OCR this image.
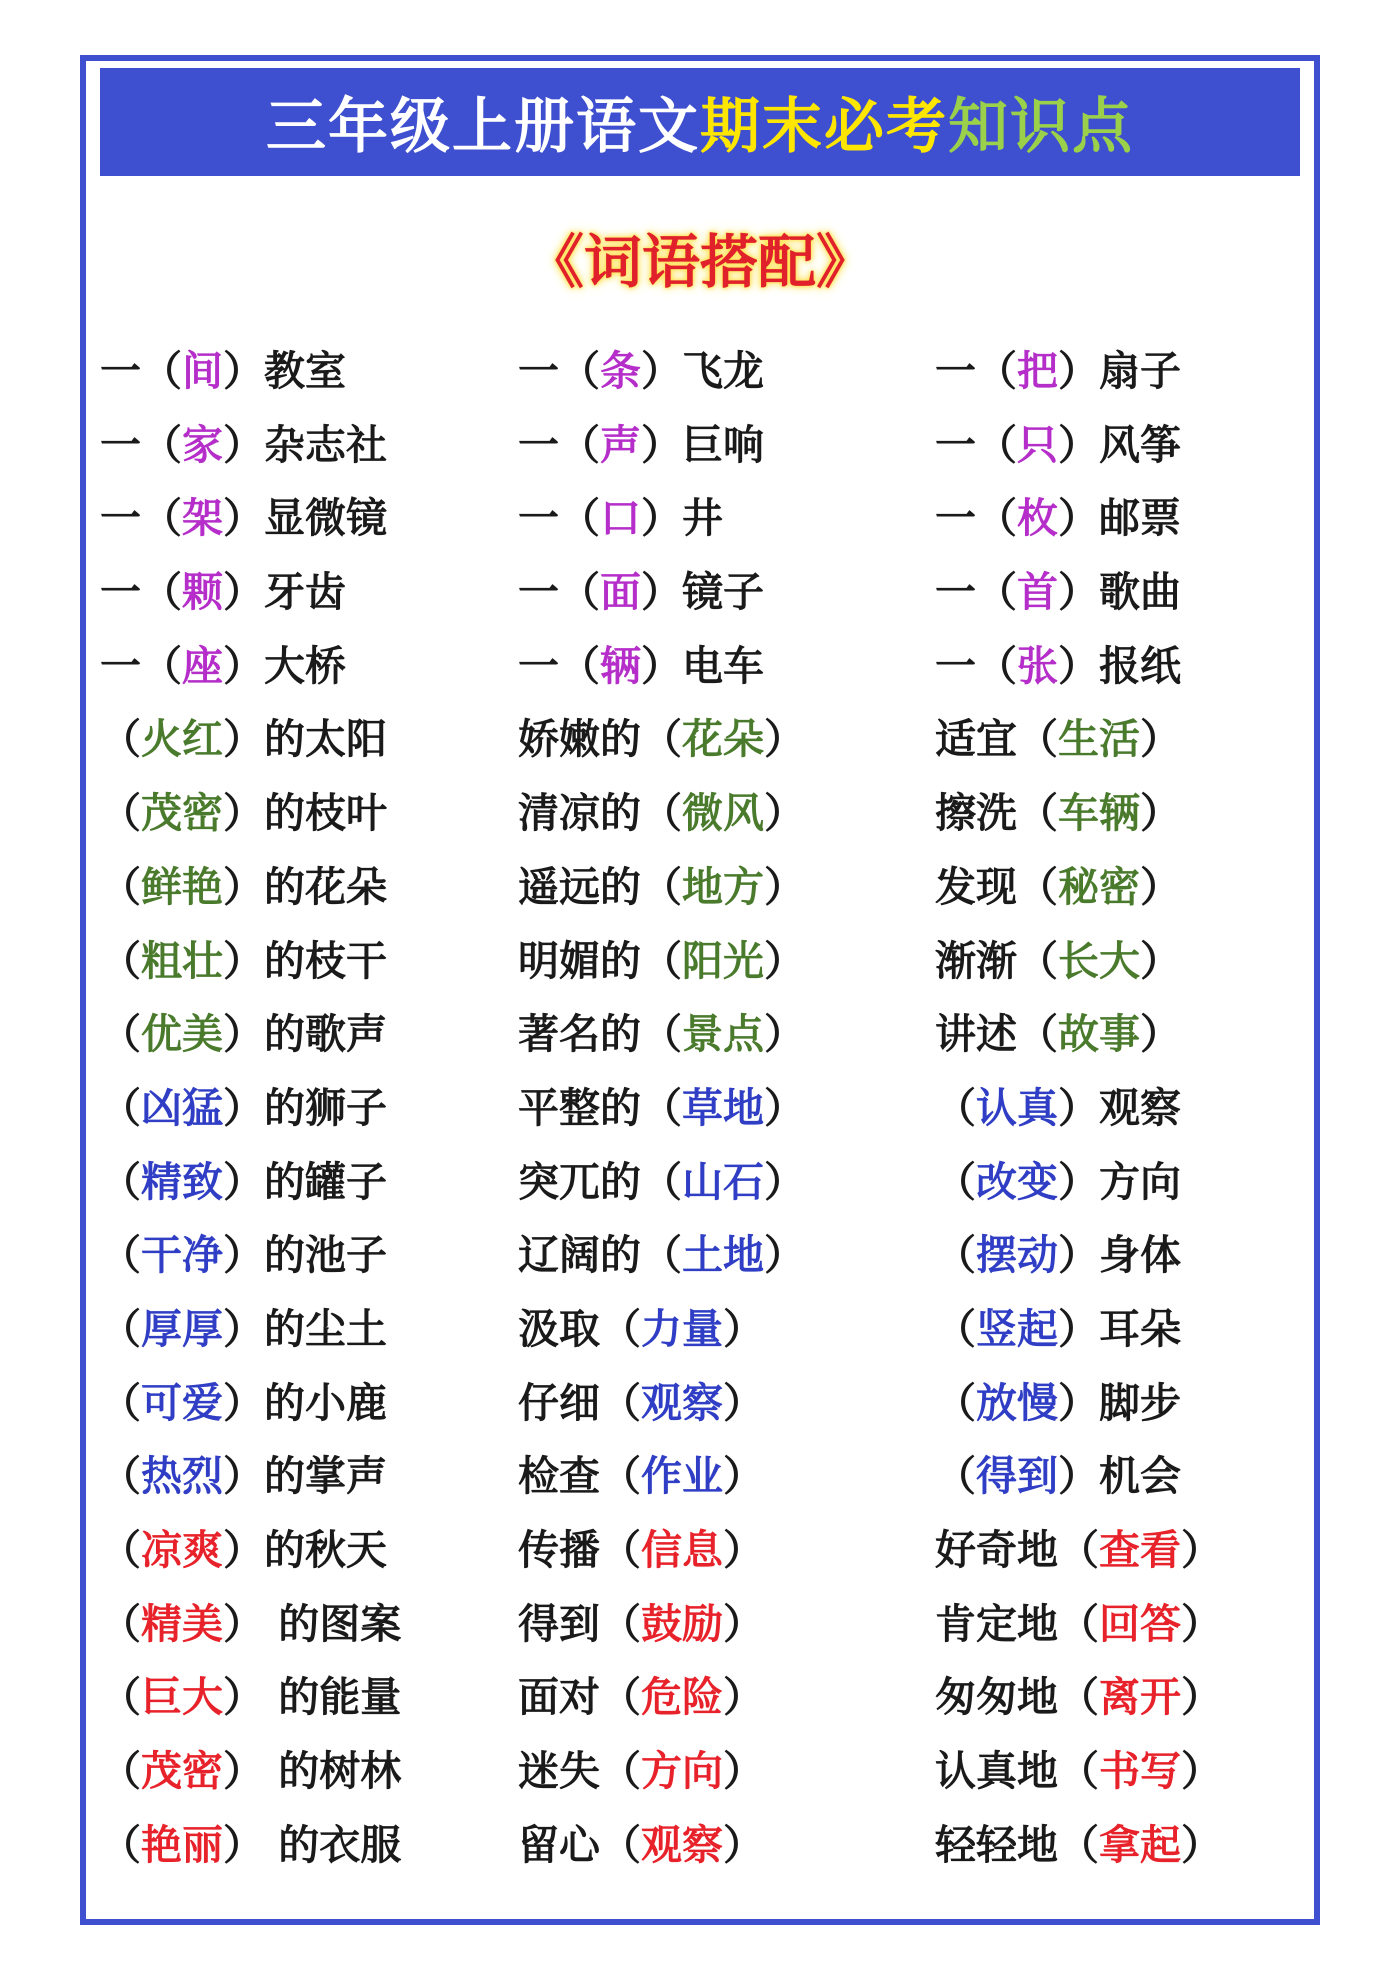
三年级上册语文 期末必考 知识点
《词语搭配》
一（间）教室
一（家）杂志社
一（架）显微镜
一（颗）牙齿
一（座）大桥
（火红）的太阳
（茂密）的枝叶
（鲜艳）的花朵
（粗壮）的枝干
（优美）的歌声
（凶猛）的狮子
（精致）的罐子
（干净）的池子
（厚厚）的尘土
（可爱）的小鹿
（热烈）的掌声
（凉爽）的秋天
（精美） 的图案
（巨大） 的能量
（茂密） 的树林
（艳丽） 的衣服
一（条）飞龙
一（声）巨响
一（口）井
一（面）镜子
一（辆）电车
娇嫩的（花朵）
清凉的（微风）
遥远的（地方）
明媚的（阳光）
著名的（景点）
平整的（草地）
突兀的（山石）
辽阔的（土地）
汲取（力量）
仔细（观察）
检查（作业）
传播（信息）
得到（鼓励）
面对（危险）
迷失（方向）
留心（观察）
一（把）扇子
一（只）风筝
一（枚）邮票
一（首）歌曲
一（张）报纸
适宜（生活）
擦洗（车辆）
发现（秘密）
渐渐（长大）
讲述（故事）
（认真）观察
（改变）方向
（摆动）身体
（竖起）耳朵
（放慢）脚步
（得到）机会
好奇地（查看）
肯定地（回答）
匆匆地（离开）
认真地（书写）
轻轻地（拿起）
